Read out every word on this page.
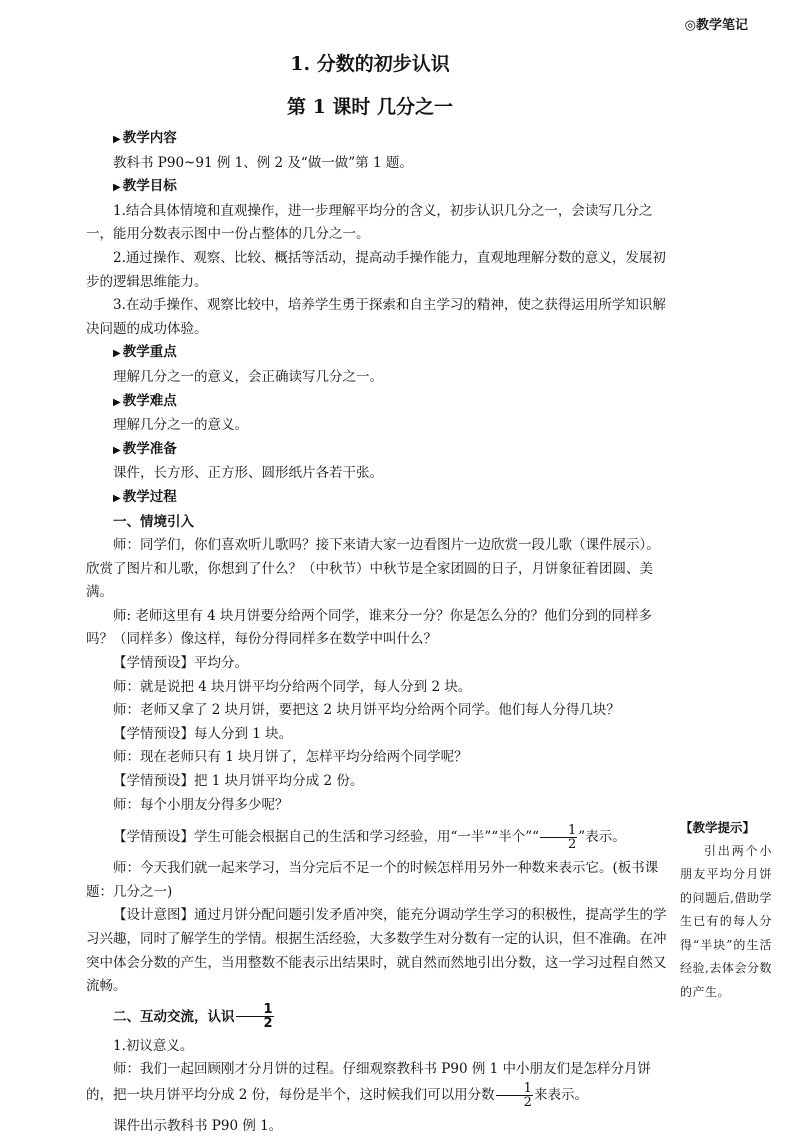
◎教学笔记
1. 分数的初步认识
第 1 课时 几分之一

▶ 教学内容

教科书 P90~91 例 1、例 2 及“做一做”第 1 题。

▶ 教学目标

1.结合具体情境和直观操作，进一步理解平均分的含义，初步认识几分之一，会读写几分之一，能用分数表示图中一份占整体的几分之一。

2.通过操作、观察、比较、概括等活动，提高动手操作能力，直观地理解分数的意义，发展初步的逻辑思维能力。

3.在动手操作、观察比较中，培养学生勇于探索和自主学习的精神，使之获得运用所学知识解决问题的成功体验。

▶ 教学重点

理解几分之一的意义，会正确读写几分之一。

▶ 教学难点

理解几分之一的意义。

▶ 教学准备

课件，长方形、正方形、圆形纸片各若干张。

▶ 教学过程

一、情境引入

师：同学们，你们喜欢听儿歌吗？接下来请大家一边看图片一边欣赏一段儿歌（课件展示）。欣赏了图片和儿歌，你想到了什么？（中秋节）中秋节是全家团圆的日子，月饼象征着团圆、美满。

师: 老师这里有 4 块月饼要分给两个同学，谁来分一分？你是怎么分的？他们分到的同样多吗？（同样多）像这样，每份分得同样多在数学中叫什么？

【学情预设】平均分。

师：就是说把 4 块月饼平均分给两个同学，每人分到 2 块。

师：老师又拿了 2 块月饼，要把这 2 块月饼平均分给两个同学。他们每人分得几块？

【学情预设】每人分到 1 块。

师：现在老师只有 1 块月饼了，怎样平均分给两个同学呢？

【学情预设】把 1 块月饼平均分成 2 份。

师：每个小朋友分得多少呢？

【学情预设】学生可能会根据自己的生活和学习经验，用“一半”“半个”“ $\frac{1}{2}$ ”表示。

师：今天我们就一起来学习，当分完后不足一个的时候怎样用另外一种数来表示它。(板书课题：几分之一)

【设计意图】通过月饼分配问题引发矛盾冲突，能充分调动学生学习的积极性，提高学生的学习兴趣，同时了解学生的学情。根据生活经验，大多数学生对分数有一定的认识，但不准确。在冲突中体会分数的产生，当用整数不能表示出结果时，就自然而然地引出分数，这一学习过程自然又流畅。

二、互动交流，认识 $\frac{1}{2}$

1.初议意义。

师：我们一起回顾刚才分月饼的过程。仔细观察教科书 P90 例 1 中小朋友们是怎样分月饼的，把一块月饼平均分成 2 份，每份是半个，这时候我们可以用分数 $\frac{1}{2}$ 来表示。

课件出示教科书 P90 例 1。

【教学提示】
引出两个小朋友平均分月饼的问题后,借助学生已有的每人分得“半块”的生活经验,去体会分数的产生。
